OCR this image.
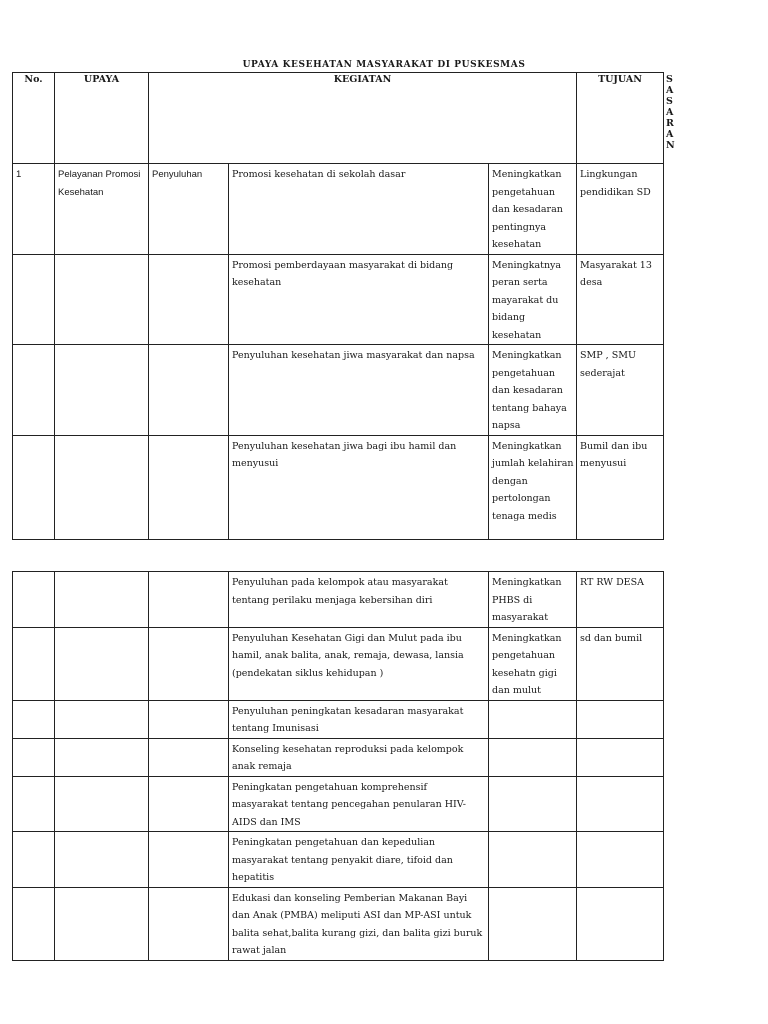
UPAYA KESEHATAN MASYARAKAT DI PUSKESMAS
No.	UPAYA	KEGIATAN			TUJUAN	SASARAN
1	Pelayanan Promosi Kesehatan	Penyuluhan	Promosi kesehatan di sekolah dasar	Meningkatkan pengetahuan dan kesadaran pentingnya kesehatan	Lingkungan pendidikan SD	
			Promosi pemberdayaan masyarakat di bidang kesehatan	Meningkatnya peran serta mayarakat du bidang kesehatan	Masyarakat 13 desa	
			Penyuluhan kesehatan jiwa masyarakat dan napsa	Meningkatkan pengetahuan dan kesadaran tentang bahaya napsa	SMP , SMU sederajat	
			Penyuluhan kesehatan jiwa bagi ibu hamil dan menyusui	Meningkatkan jumlah kelahiran dengan pertolongan tenaga medis	Bumil dan ibu menyusui	
			Penyuluhan pada kelompok atau masyarakat tentang perilaku menjaga kebersihan diri	Meningkatkan PHBS di masyarakat	RT RW DESA
			Penyuluhan Kesehatan Gigi dan Mulut pada ibu hamil, anak balita, anak, remaja, dewasa, lansia (pendekatan siklus kehidupan )	Meningkatkan pengetahuan kesehatn gigi dan mulut	sd dan bumil
			Penyuluhan peningkatan kesadaran masyarakat tentang Imunisasi		
			Konseling kesehatan reproduksi pada kelompok anak remaja		
			Peningkatan pengetahuan komprehensif masyarakat tentang pencegahan penularan HIV-AIDS dan IMS		
			Peningkatan pengetahuan dan kepedulian masyarakat tentang penyakit diare, tifoid dan hepatitis		
			Edukasi dan konseling Pemberian Makanan Bayi dan Anak (PMBA) meliputi ASI dan MP-ASI untuk balita sehat,balita kurang gizi, dan balita gizi buruk rawat jalan		
